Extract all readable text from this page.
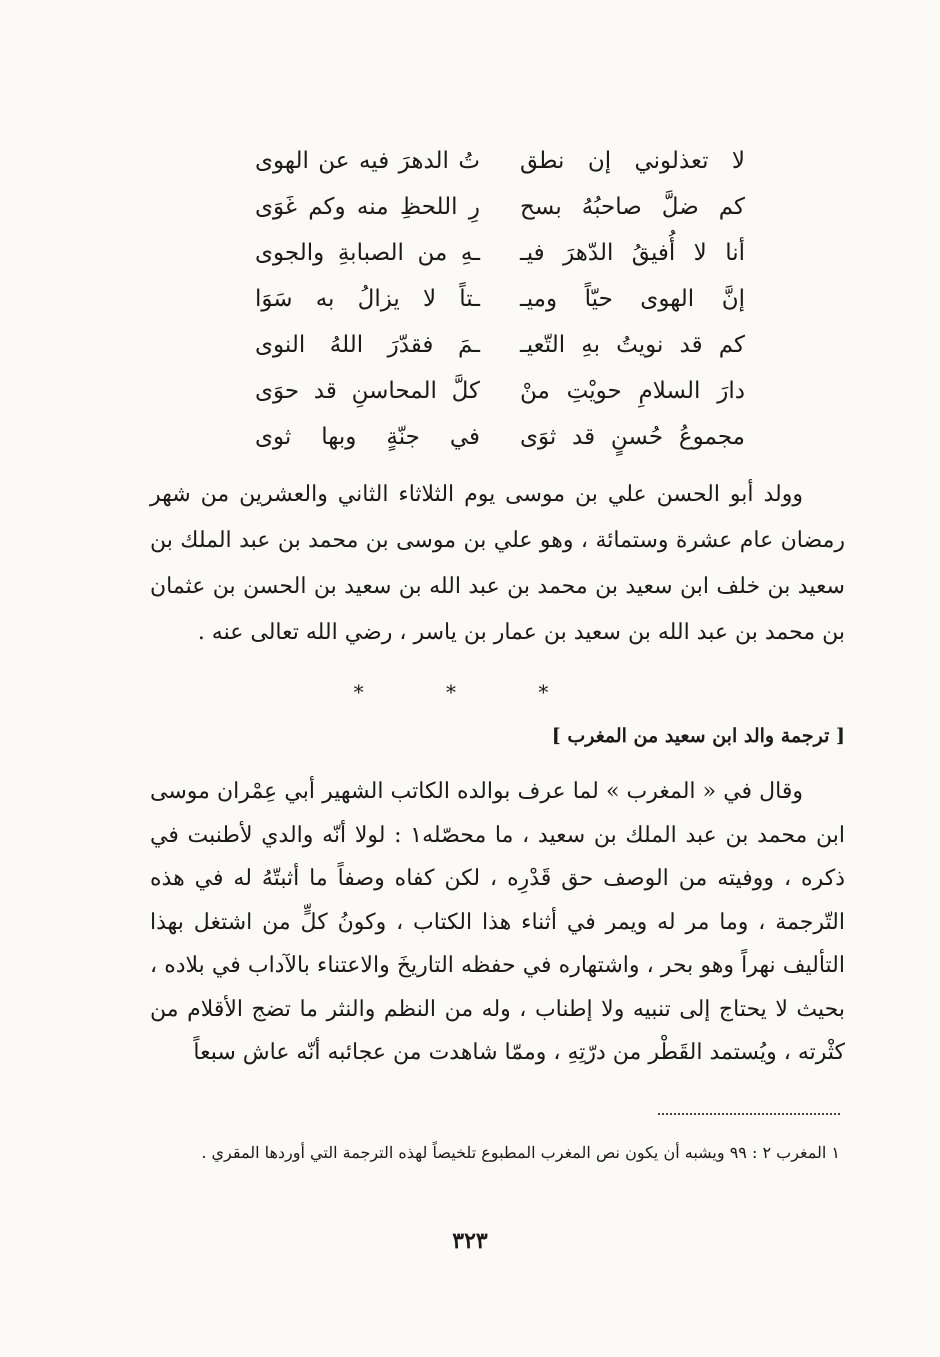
لا تعذلوني إن نطق
تُ الدهرَ فيه عن الهوى
كم ضلَّ صاحبُهُ بسح
رِ اللحظِ منه وكم غَوَى
أنا لا أُفيقُ الدّهرَ فيـ
ـهِ من الصبابةِ والجوى
إنَّ الهوى حيّاً وميـ
ـتاً لا يزالُ به سَوَا
كم قد نويتُ بهِ التّعيـ
ـمَ فقدّرَ اللهُ النوى
دارَ السلامِ حويْتِ منْ
كلَّ المحاسنِ قد حوَى
مجموعُ حُسنٍ قد ثوَى
في جنّةٍ وبها ثوى

وولد أبو الحسن علي بن موسى يوم الثلاثاء الثاني والعشرين من شهر رمضان عام عشرة وستمائة ، وهو علي بن موسى بن محمد بن عبد الملك بن سعيد بن خلف ابن سعيد بن محمد بن عبد الله بن سعيد بن الحسن بن عثمان بن محمد بن عبد الله بن سعيد بن عمار بن ياسر ، رضي الله تعالى عنه .

* * *
[ ترجمة والد ابن سعيد من المغرب ]

وقال في « المغرب » لما عرف بوالده الكاتب الشهير أبي عِمْران موسى ابن محمد بن عبد الملك بن سعيد ، ما محصّله١ : لولا أنّه والدي لأطنبت في ذكره ، ووفيته من الوصف حق قَدْرِه ، لكن كفاه وصفاً ما أثبتّهُ له في هذه التّرجمة ، وما مر له ويمر في أثناء هذا الكتاب ، وكونُ كلٍّ من اشتغل بهذا التأليف نهراً وهو بحر ، واشتهاره في حفظه التاريخَ والاعتناء بالآداب في بلاده ، بحيث لا يحتاج إلى تنبيه ولا إطناب ، وله من النظم والنثر ما تضج الأقلام من كثْرته ، ويُستمد القَطْر من درّتِهِ ، وممّا شاهدت من عجائبه أنّه عاش سبعاً

١ المغرب ٢ : ٩٩ ويشبه أن يكون نص المغرب المطبوع تلخيصاً لهذه الترجمة التي أوردها المقري .

٣٢٣
